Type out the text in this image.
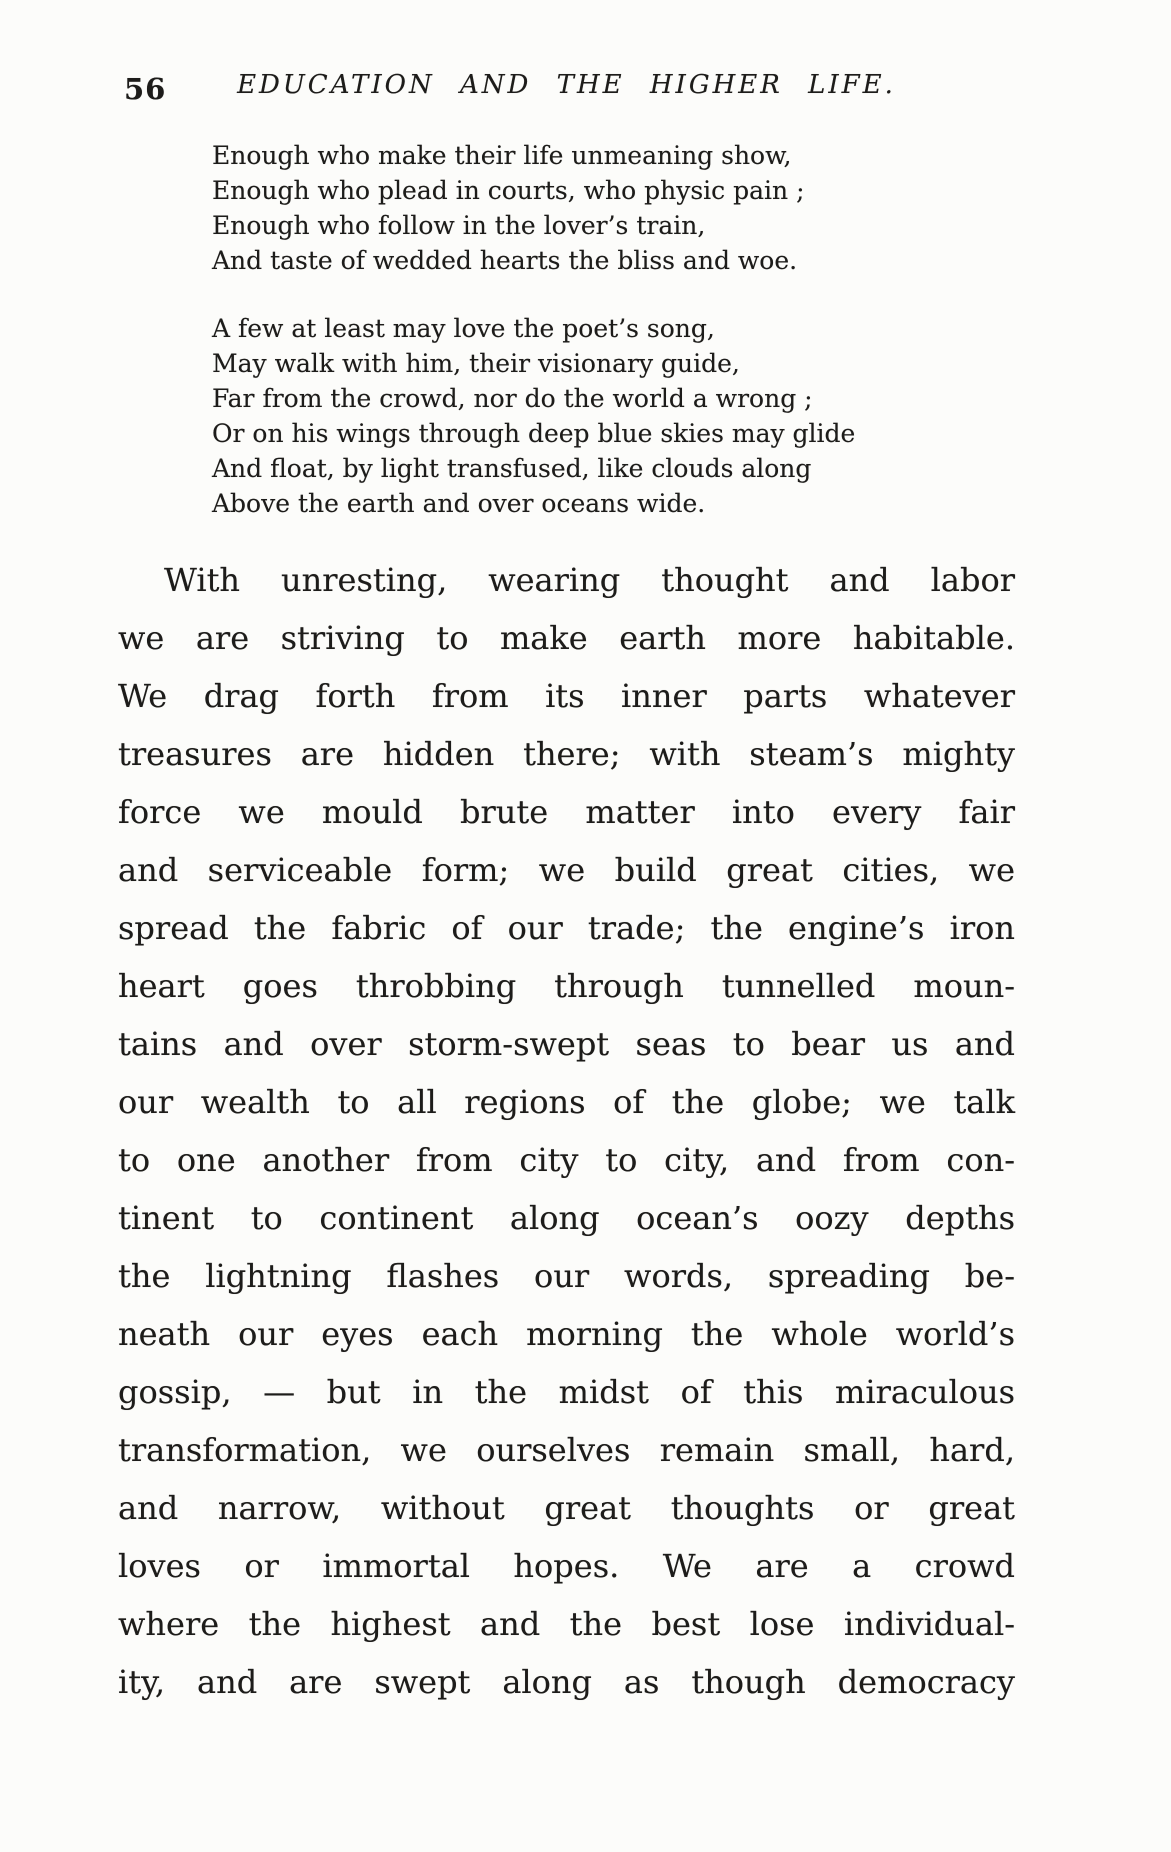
56	EDUCATION AND THE HIGHER LIFE.
Enough who make their life unmeaning show,
Enough who plead in courts, who physic pain ;
Enough who follow in the lover’s train,
And taste of wedded hearts the bliss and woe.
A few at least may love the poet’s song,
May walk with him, their visionary guide,
Far from the crowd, nor do the world a wrong ;
Or on his wings through deep blue skies may glide
And float, by light transfused, like clouds along
Above the earth and over oceans wide.
With unresting, wearing thought and labor
we are striving to make earth more habitable.
We drag forth from its inner parts whatever
treasures are hidden there; with steam’s mighty
force we mould brute matter into every fair
and serviceable form; we build great cities, we
spread the fabric of our trade; the engine’s iron
heart goes throbbing through tunnelled moun-
tains and over storm-swept seas to bear us and
our wealth to all regions of the globe; we talk
to one another from city to city, and from con-
tinent to continent along ocean’s oozy depths
the lightning flashes our words, spreading be-
neath our eyes each morning the whole world’s
gossip, — but in the midst of this miraculous
transformation, we ourselves remain small, hard,
and narrow, without great thoughts or great
loves or immortal hopes. We are a crowd
where the highest and the best lose individual-
ity, and are swept along as though democracy
